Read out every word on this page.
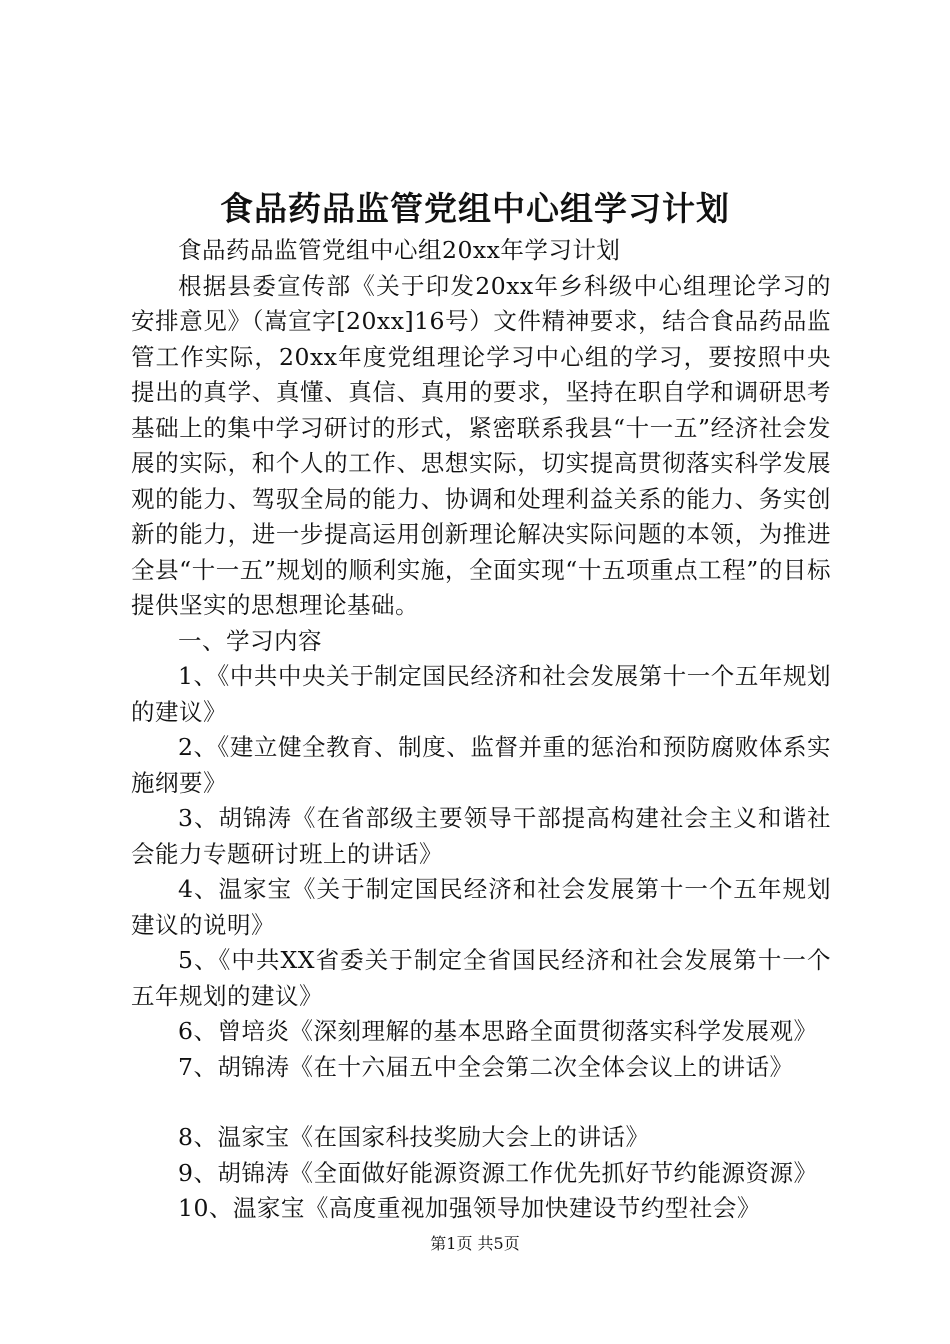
食品药品监管党组中心组学习计划

食品药品监管党组中心组20xx年学习计划

根据县委宣传部《关于印发20xx年乡科级中心组理论学习的安排意见》（嵩宣字[20xx]16号）文件精神要求，结合食品药品监管工作实际，20xx年度党组理论学习中心组的学习，要按照中央提出的真学、真懂、真信、真用的要求，坚持在职自学和调研思考基础上的集中学习研讨的形式，紧密联系我县“十一五”经济社会发展的实际，和个人的工作、思想实际，切实提高贯彻落实科学发展观的能力、驾驭全局的能力、协调和处理利益关系的能力、务实创新的能力，进一步提高运用创新理论解决实际问题的本领，为推进全县“十一五”规划的顺利实施，全面实现“十五项重点工程”的目标提供坚实的思想理论基础。

一、学习内容

1、《中共中央关于制定国民经济和社会发展第十一个五年规划的建议》

2、《建立健全教育、制度、监督并重的惩治和预防腐败体系实施纲要》

3、胡锦涛《在省部级主要领导干部提高构建社会主义和谐社会能力专题研讨班上的讲话》

4、温家宝《关于制定国民经济和社会发展第十一个五年规划建议的说明》

5、《中共XX省委关于制定全省国民经济和社会发展第十一个五年规划的建议》

6、曾培炎《深刻理解的基本思路全面贯彻落实科学发展观》

7、胡锦涛《在十六届五中全会第二次全体会议上的讲话》

8、温家宝《在国家科技奖励大会上的讲话》

9、胡锦涛《全面做好能源资源工作优先抓好节约能源资源》

10、温家宝《高度重视加强领导加快建设节约型社会》

第1页 共5页
